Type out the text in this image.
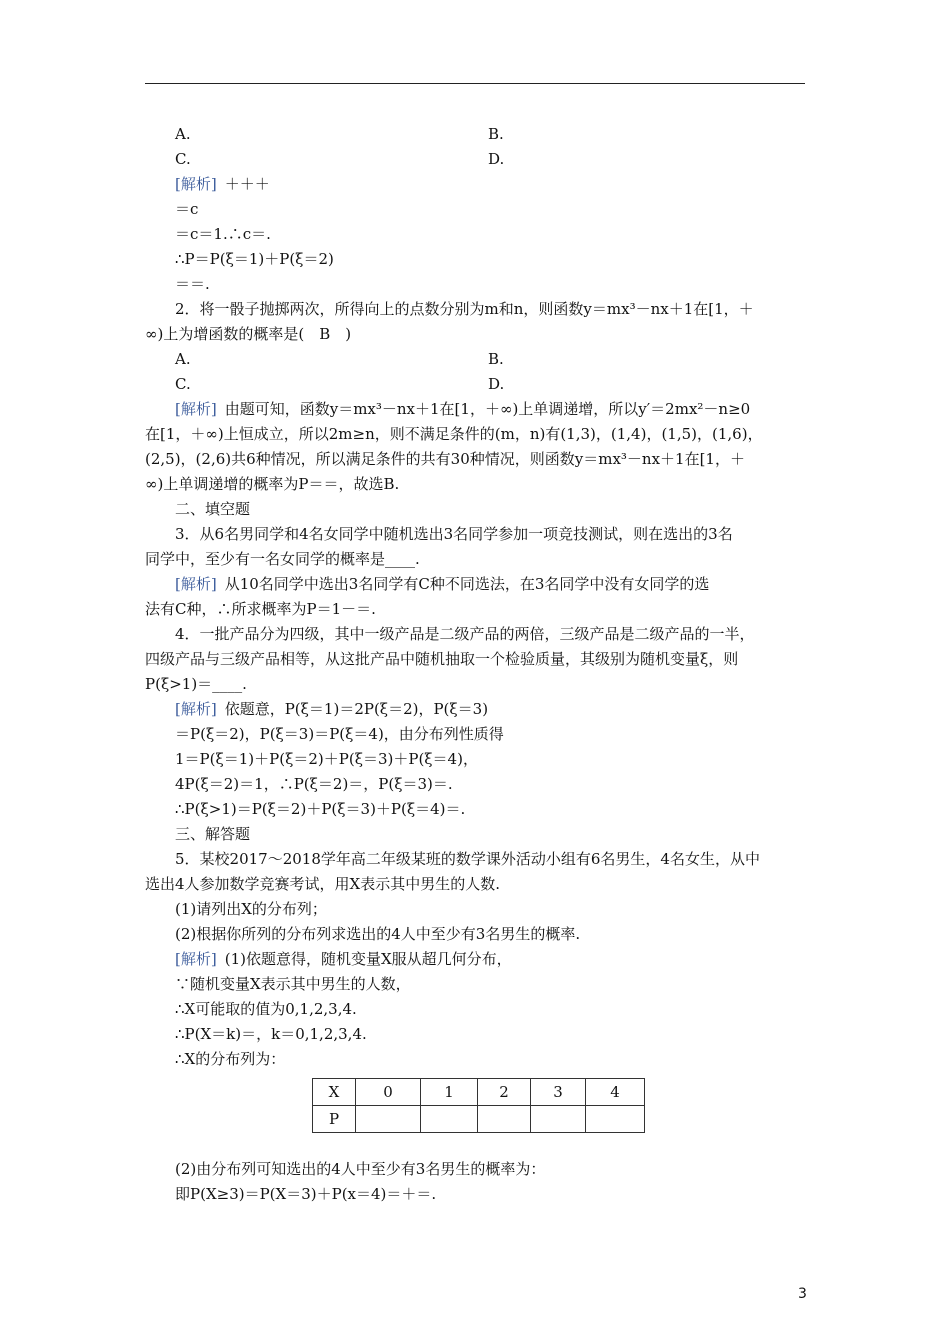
A.	B.
C.	D.
[解析] ＋＋＋
＝c
＝c＝1.∴c＝.
∴P＝P(ξ＝1)＋P(ξ＝2)
＝＝.
2．将一骰子抛掷两次，所得向上的点数分别为m和n，则函数y＝mx³－nx＋1在[1，＋
∞)上为增函数的概率是(　B　)
A.	B.
C.	D.
[解析] 由题可知，函数y＝mx³－nx＋1在[1，＋∞)上单调递增，所以y′＝2mx²－n≥0
在[1，＋∞)上恒成立，所以2m≥n，则不满足条件的(m，n)有(1,3)，(1,4)，(1,5)，(1,6)，
(2,5)，(2,6)共6种情况，所以满足条件的共有30种情况，则函数y＝mx³－nx＋1在[1，＋
∞)上单调递增的概率为P＝＝，故选B.
二、填空题
3．从6名男同学和4名女同学中随机选出3名同学参加一项竞技测试，则在选出的3名
同学中，至少有一名女同学的概率是____.
[解析] 从10名同学中选出3名同学有C种不同选法，在3名同学中没有女同学的选
法有C种，∴所求概率为P＝1－＝.
4．一批产品分为四级，其中一级产品是二级产品的两倍，三级产品是二级产品的一半，
四级产品与三级产品相等，从这批产品中随机抽取一个检验质量，其级别为随机变量ξ，则
P(ξ>1)＝____.
[解析] 依题意，P(ξ＝1)＝2P(ξ＝2)，P(ξ＝3)
＝P(ξ＝2)，P(ξ＝3)＝P(ξ＝4)，由分布列性质得
1＝P(ξ＝1)＋P(ξ＝2)＋P(ξ＝3)＋P(ξ＝4)，
4P(ξ＝2)＝1，∴P(ξ＝2)＝，P(ξ＝3)＝.
∴P(ξ>1)＝P(ξ＝2)＋P(ξ＝3)＋P(ξ＝4)＝.
三、解答题
5．某校2017～2018学年高二年级某班的数学课外活动小组有6名男生，4名女生，从中
选出4人参加数学竞赛考试，用X表示其中男生的人数.
(1)请列出X的分布列；
(2)根据你所列的分布列求选出的4人中至少有3名男生的概率.
[解析] (1)依题意得，随机变量X服从超几何分布，
∵随机变量X表示其中男生的人数，
∴X可能取的值为0,1,2,3,4.
∴P(X＝k)＝，k＝0,1,2,3,4.
∴X的分布列为：
(2)由分布列可知选出的4人中至少有3名男生的概率为：
即P(X≥3)＝P(X＝3)＋P(x＝4)＝＋＝.
X	0	1	2	3	4
P					
3
